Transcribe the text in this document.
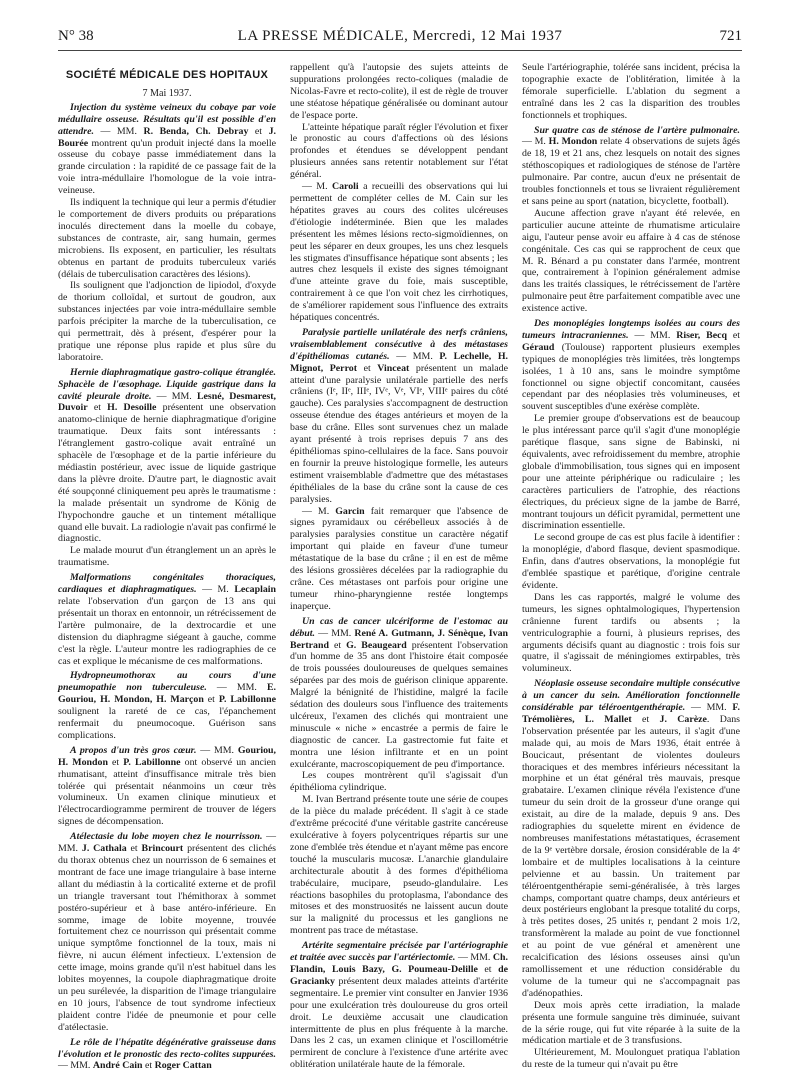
N° 38	LA PRESSE MÉDICALE, Mercredi, 12 Mai 1937	721
SOCIÉTÉ MÉDICALE DES HOPITAUX
7 Mai 1937.

Injection du système veineux du cobaye par voie médullaire osseuse. Résultats qu'il est possible d'en attendre. — MM. R. Benda, Ch. Debray et J. Bourée montrent qu'un produit injecté dans la moelle osseuse du cobaye passe immédiatement dans la grande circulation : la rapidité de ce passage fait de la voie intra-médullaire l'homologue de la voie intra-veineuse.

Ils indiquent la technique qui leur a permis d'étudier le comportement de divers produits ou préparations inoculés directement dans la moelle du cobaye, substances de contraste, air, sang humain, germes microbiens. Ils exposent, en particulier, les résultats obtenus en partant de produits tuberculeux variés (délais de tuberculisation caractères des lésions).

Ils soulignent que l'adjonction de lipiodol, d'oxyde de thorium colloïdal, et surtout de goudron, aux substances injectées par voie intra-médullaire semble parfois précipiter la marche de la tuberculisation, ce qui permettrait, dès à présent, d'espérer pour la pratique une réponse plus rapide et plus sûre du laboratoire.

Hernie diaphragmatique gastro-colique étranglée. Sphacèle de l'œsophage. Liquide gastrique dans la cavité pleurale droite. — MM. Lesné, Desmarest, Duvoir et H. Desoille présentent une observation anatomo-clinique de hernie diaphragmatique d'origine traumatique. Deux faits sont intéressants : l'étranglement gastro-colique avait entraîné un sphacèle de l'œsophage et de la partie inférieure du médiastin postérieur, avec issue de liquide gastrique dans la plèvre droite. D'autre part, le diagnostic avait été soupçonné cliniquement peu après le traumatisme : la malade présentait un syndrome de König de l'hypochondre gauche et un tintement métallique quand elle buvait. La radiologie n'avait pas confirmé le diagnostic.

Le malade mourut d'un étranglement un an après le traumatisme.

Malformations congénitales thoraciques, cardiaques et diaphragmatiques. — M. Lecaplain relate l'observation d'un garçon de 13 ans qui présentait un thorax en entonnoir, un rétrécissement de l'artère pulmonaire, de la dextrocardie et une distension du diaphragme siégeant à gauche, comme c'est la règle. L'auteur montre les radiographies de ce cas et explique le mécanisme de ces malformations.

Hydropneumothorax au cours d'une pneumopathie non tuberculeuse. — MM. E. Gouriou, H. Mondon, H. Marçon et P. Labillonne soulignent la rareté de ce cas, l'épanchement renfermait du pneumocoque. Guérison sans complications.

A propos d'un très gros cœur. — MM. Gouriou, H. Mondon et P. Labillonne ont observé un ancien rhumatisant, atteint d'insuffisance mitrale très bien tolérée qui présentait néanmoins un cœur très volumineux. Un examen clinique minutieux et l'électrocardiogramme permirent de trouver de légers signes de décompensation.

Atélectasie du lobe moyen chez le nourrisson. — MM. J. Cathala et Brincourt présentent des clichés du thorax obtenus chez un nourrisson de 6 semaines et montrant de face une image triangulaire à base interne allant du médiastin à la corticalité externe et de profil un triangle traversant tout l'hémithorax à sommet postéro-supérieur et à base antéro-inférieure. En somme, image de lobite moyenne, trouvée fortuitement chez ce nourrisson qui présentait comme unique symptôme fonctionnel de la toux, mais ni fièvre, ni aucun élément infectieux. L'extension de cette image, moins grande qu'il n'est habituel dans les lobites moyennes, la coupole diaphragmatique droite un peu surélevée, la disparition de l'image triangulaire en 10 jours, l'absence de tout syndrome infectieux plaident contre l'idée de pneumonie et pour celle d'atélectasie.

Le rôle de l'hépatite dégénérative graisseuse dans l'évolution et le pronostic des recto-colites suppurées. — MM. André Cain et Roger Cattan

rappellent qu'à l'autopsie des sujets atteints de suppurations prolongées recto-coliques (maladie de Nicolas-Favre et recto-colite), il est de règle de trouver une stéatose hépatique généralisée ou dominant autour de l'espace porte.

L'atteinte hépatique paraît régler l'évolution et fixer le pronostic au cours d'affections où des lésions profondes et étendues se développent pendant plusieurs années sans retentir notablement sur l'état général.

— M. Caroli a recueilli des observations qui lui permettent de compléter celles de M. Cain sur les hépatites graves au cours des colites ulcéreuses d'étiologie indéterminée. Bien que les malades présentent les mêmes lésions recto-sigmoïdiennes, on peut les séparer en deux groupes, les uns chez lesquels les stigmates d'insuffisance hépatique sont absents ; les autres chez lesquels il existe des signes témoignant d'une atteinte grave du foie, mais susceptible, contrairement à ce que l'on voit chez les cirrhotiques, de s'améliorer rapidement sous l'influence des extraits hépatiques concentrés.

Paralysie partielle unilatérale des nerfs crâniens, vraisemblablement consécutive à des métastases d'épithéliomas cutanés. — MM. P. Lechelle, H. Mignot, Perrot et Vinceat présentent un malade atteint d'une paralysie unilatérale partielle des nerfs crâniens (Iᵉ, IIᵉ, IIIᵉ, IVᵉ, Vᵉ, VIᵉ, VIIIᵉ paires du côté gauche). Ces paralysies s'accompagnent de destruction osseuse étendue des étages antérieurs et moyen de la base du crâne. Elles sont survenues chez un malade ayant présenté à trois reprises depuis 7 ans des épithéliomas spino-cellulaires de la face. Sans pouvoir en fournir la preuve histologique formelle, les auteurs estiment vraisemblable d'admettre que des métastases épithéliales de la base du crâne sont la cause de ces paralysies.

— M. Garcin fait remarquer que l'absence de signes pyramidaux ou cérébelleux associés à de paralysies paralysies constitue un caractère négatif important qui plaide en faveur d'une tumeur métastatique de la base du crâne ; il en est de même des lésions grossières décelées par la radiographie du crâne. Ces métastases ont parfois pour origine une tumeur rhino-pharyngienne restée longtemps inaperçue.

Un cas de cancer ulcériforme de l'estomac au début. — MM. René A. Gutmann, J. Sénèque, Ivan Bertrand et G. Beaugeard présentent l'observation d'un homme de 35 ans dont l'histoire était composée de trois poussées douloureuses de quelques semaines séparées par des mois de guérison clinique apparente. Malgré la bénignité de l'histidine, malgré la facile sédation des douleurs sous l'influence des traitements ulcéreux, l'examen des clichés qui montraient une minuscule « niche » encastrée a permis de faire le diagnostic de cancer. La gastrectomie fut faite et montra une lésion infiltrante et en un point exulcérante, macroscopiquement de peu d'importance.

Les coupes montrèrent qu'il s'agissait d'un épithélioma cylindrique.

M. Ivan Bertrand présente toute une série de coupes de la pièce du malade précédent. Il s'agit à ce stade d'extrême précocité d'une véritable gastrite cancéreuse exulcérative à foyers polycentriques répartis sur une zone d'emblée très étendue et n'ayant même pas encore touché la muscularis mucosæ. L'anarchie glandulaire architecturale aboutit à des formes d'épithélioma trabéculaire, mucipare, pseudo-glandulaire. Les réactions basophiles du protoplasma, l'abondance des mitoses et des monstruosités ne laissent aucun doute sur la malignité du processus et les ganglions ne montrent pas trace de métastase.

Artérite segmentaire précisée par l'artériographie et traitée avec succès par l'artériectomie. — MM. Ch. Flandin, Louis Bazy, G. Poumeau-Delille et de Gracianky présentent deux malades atteints d'artérite segmentaire. Le premier vint consulter en Janvier 1936 pour une exulcération très douloureuse du gros orteil droit. Le deuxième accusait une claudication intermittente de plus en plus fréquente à la marche. Dans les 2 cas, un examen clinique et l'oscillométrie permirent de conclure à l'existence d'une artérite avec oblitération unilatérale haute de la fémorale.

Seule l'artériographie, tolérée sans incident, précisa la topographie exacte de l'oblitération, limitée à la fémorale superficielle. L'ablation du segment a entraîné dans les 2 cas la disparition des troubles fonctionnels et trophiques.

Sur quatre cas de sténose de l'artère pulmonaire. — M. H. Mondon relate 4 observations de sujets âgés de 18, 19 et 21 ans, chez lesquels on notait des signes stéthoscopiques et radiologiques de sténose de l'artère pulmonaire. Par contre, aucun d'eux ne présentait de troubles fonctionnels et tous se livraient régulièrement et sans peine au sport (natation, bicyclette, football).

Aucune affection grave n'ayant été relevée, en particulier aucune atteinte de rhumatisme articulaire aigu, l'auteur pense avoir eu affaire à 4 cas de sténose congénitale. Ces cas qui se rapprochent de ceux que M. R. Bénard a pu constater dans l'armée, montrent que, contrairement à l'opinion généralement admise dans les traités classiques, le rétrécissement de l'artère pulmonaire peut être parfaitement compatible avec une existence active.

Des monoplégies longtemps isolées au cours des tumeurs intracraniennes. — MM. Riser, Becq et Géraud (Toulouse) rapportent plusieurs exemples typiques de monoplégies très limitées, très longtemps isolées, 1 à 10 ans, sans le moindre symptôme fonctionnel ou signe objectif concomitant, causées cependant par des néoplasies très volumineuses, et souvent susceptibles d'une exérèse complète.

Le premier groupe d'observations est de beaucoup le plus intéressant parce qu'il s'agit d'une monoplégie parétique flasque, sans signe de Babinski, ni équivalents, avec refroidissement du membre, atrophie globale d'immobilisation, tous signes qui en imposent pour une atteinte périphérique ou radiculaire ; les caractères particuliers de l'atrophie, des réactions électriques, du précieux signe de la jambe de Barré, montrant toujours un déficit pyramidal, permettent une discrimination essentielle.

Le second groupe de cas est plus facile à identifier : la monoplégie, d'abord flasque, devient spasmodique. Enfin, dans d'autres observations, la monoplégie fut d'emblée spastique et parétique, d'origine centrale évidente.

Dans les cas rapportés, malgré le volume des tumeurs, les signes ophtalmologiques, l'hypertension crânienne furent tardifs ou absents ; la ventriculographie a fourni, à plusieurs reprises, des arguments décisifs quant au diagnostic : trois fois sur quatre, il s'agissait de méningiomes extirpables, très volumineux.

Néoplasie osseuse secondaire multiple consécutive à un cancer du sein. Amélioration fonctionnelle considérable par téléroentgenthérapie. — MM. F. Trémolières, L. Mallet et J. Carèze. Dans l'observation présentée par les auteurs, il s'agit d'une malade qui, au mois de Mars 1936, était entrée à Boucicaut, présentant de violentes douleurs thoraciques et des membres inférieurs nécessitant la morphine et un état général très mauvais, presque grabataire. L'examen clinique révéla l'existence d'une tumeur du sein droit de la grosseur d'une orange qui existait, au dire de la malade, depuis 9 ans. Des radiographies du squelette mirent en évidence de nombreuses manifestations métastatiques, écrasement de la 9ᵉ vertèbre dorsale, érosion considérable de la 4ᵉ lombaire et de multiples localisations à la ceinture pelvienne et au bassin. Un traitement par téléroentgenthérapie semi-généralisée, à très larges champs, comportant quatre champs, deux antérieurs et deux postérieurs englobant la presque totalité du corps, à très petites doses, 25 unités r, pendant 2 mois 1/2, transformèrent la malade au point de vue fonctionnel et au point de vue général et amenèrent une recalcification des lésions osseuses ainsi qu'un ramollissement et une réduction considérable du volume de la tumeur qui ne s'accompagnait pas d'adénopathies.

Deux mois après cette irradiation, la malade présenta une formule sanguine très diminuée, suivant de la série rouge, qui fut vite réparée à la suite de la médication martiale et de 3 transfusions.

Ultérieurement, M. Moulonguet pratiqua l'ablation du reste de la tumeur qui n'avait pu être
